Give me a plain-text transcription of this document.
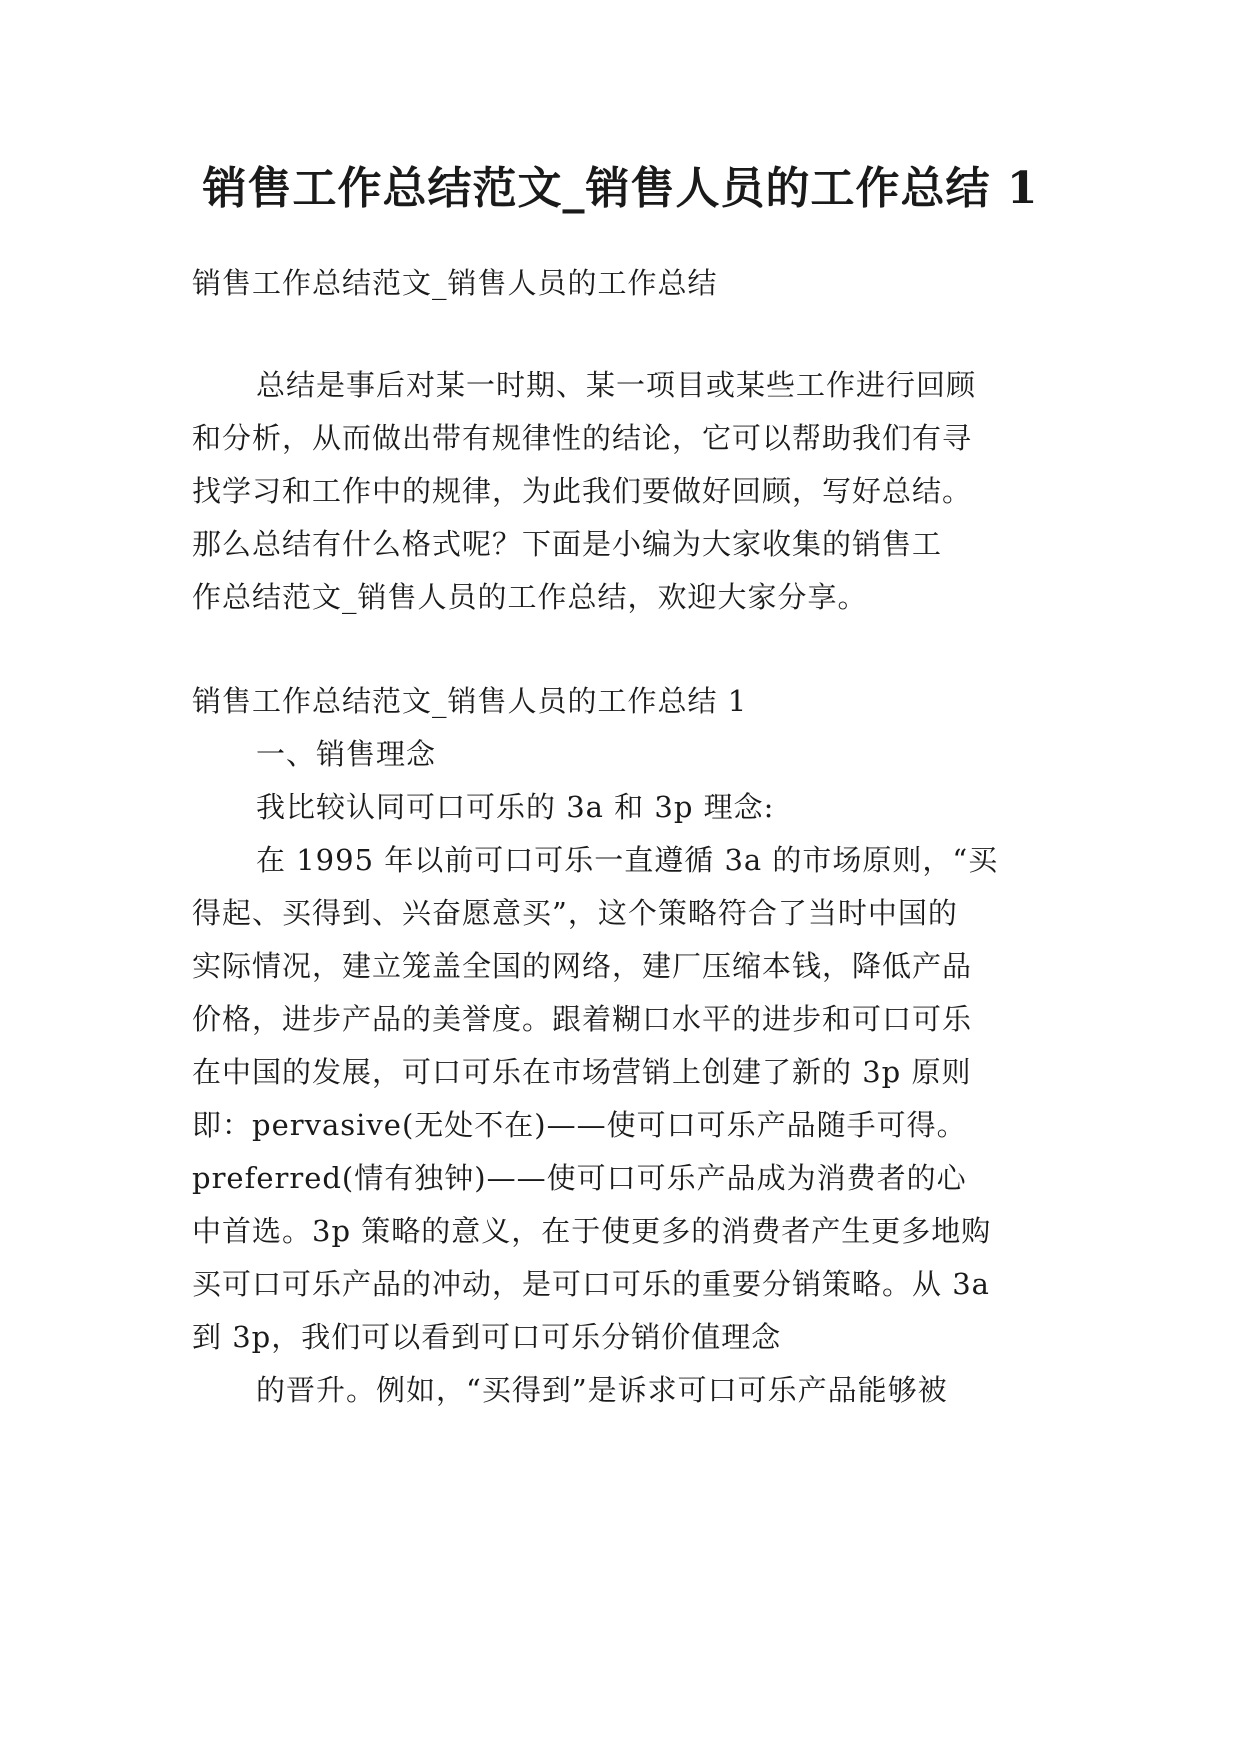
销售工作总结范文_销售人员的工作总结 1

销售工作总结范文_销售人员的工作总结

总结是事后对某一时期、某一项目或某些工作进行回顾

和分析，从而做出带有规律性的结论，它可以帮助我们有寻

找学习和工作中的规律，为此我们要做好回顾，写好总结。

那么总结有什么格式呢？下面是小编为大家收集的销售工

作总结范文_销售人员的工作总结，欢迎大家分享。

销售工作总结范文_销售人员的工作总结 1

一、销售理念

我比较认同可口可乐的 3a 和 3p 理念:

在 1995 年以前可口可乐一直遵循 3a 的市场原则，“买

得起、买得到、兴奋愿意买”，这个策略符合了当时中国的

实际情况，建立笼盖全国的网络，建厂压缩本钱，降低产品

价格，进步产品的美誉度。跟着糊口水平的进步和可口可乐

在中国的发展，可口可乐在市场营销上创建了新的 3p 原则

即：pervasive(无处不在)——使可口可乐产品随手可得。

preferred(情有独钟)——使可口可乐产品成为消费者的心

中首选。3p 策略的意义，在于使更多的消费者产生更多地购

买可口可乐产品的冲动，是可口可乐的重要分销策略。从 3a

到 3p，我们可以看到可口可乐分销价值理念

的晋升。例如，“买得到”是诉求可口可乐产品能够被
